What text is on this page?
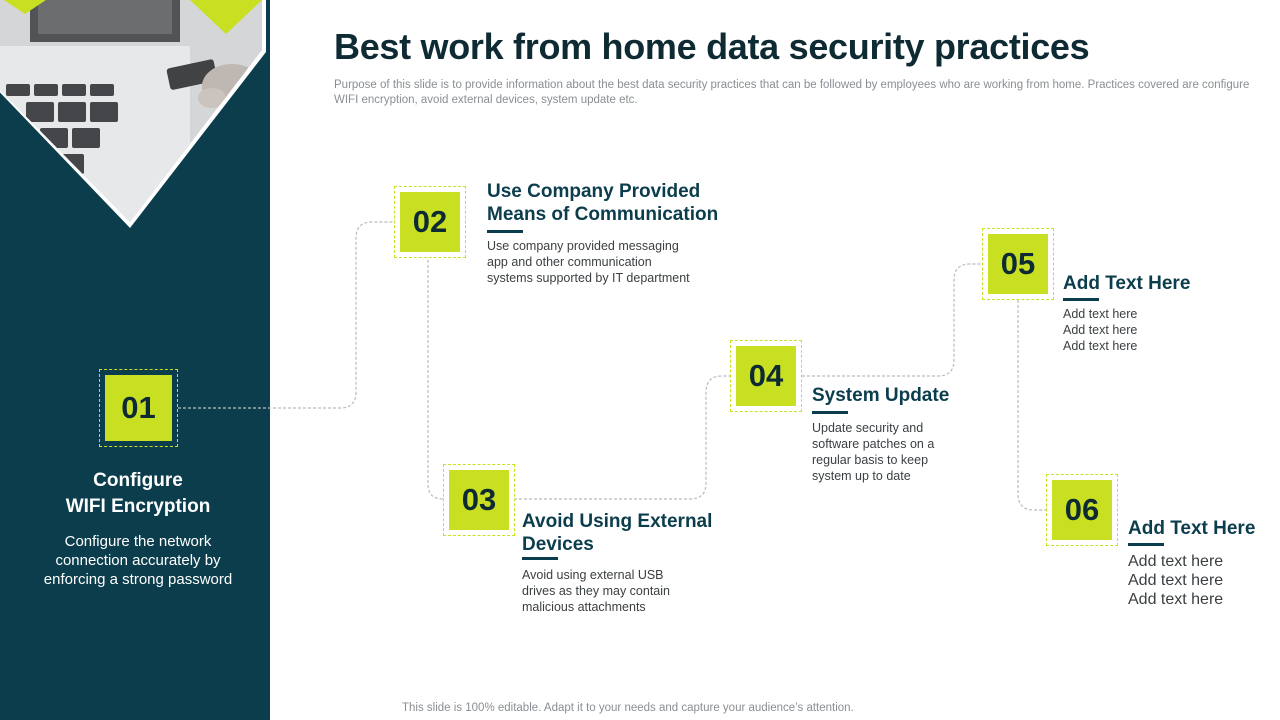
Best work from home data security practices
Purpose of this slide is to provide information about the best data security practices that can be followed by employees who are working from home. Practices covered are configure WIFI encryption, avoid external devices, system update etc.
01
Configure
WIFI Encryption
Configure the network
connection accurately by
enforcing a strong password
02
Use Company Provided
Means of Communication
Use company provided messaging
app and other communication
systems supported by IT department
03
Avoid Using External
Devices
Avoid using external USB
drives as they may contain
malicious attachments
04
System Update
Update security and
software patches on a
regular basis to keep
system up to date
05
Add Text Here
Add text here
Add text here
Add text here
06
Add Text Here
Add text here
Add text here
Add text here
This slide is 100% editable. Adapt it to your needs and capture your audience’s attention.
